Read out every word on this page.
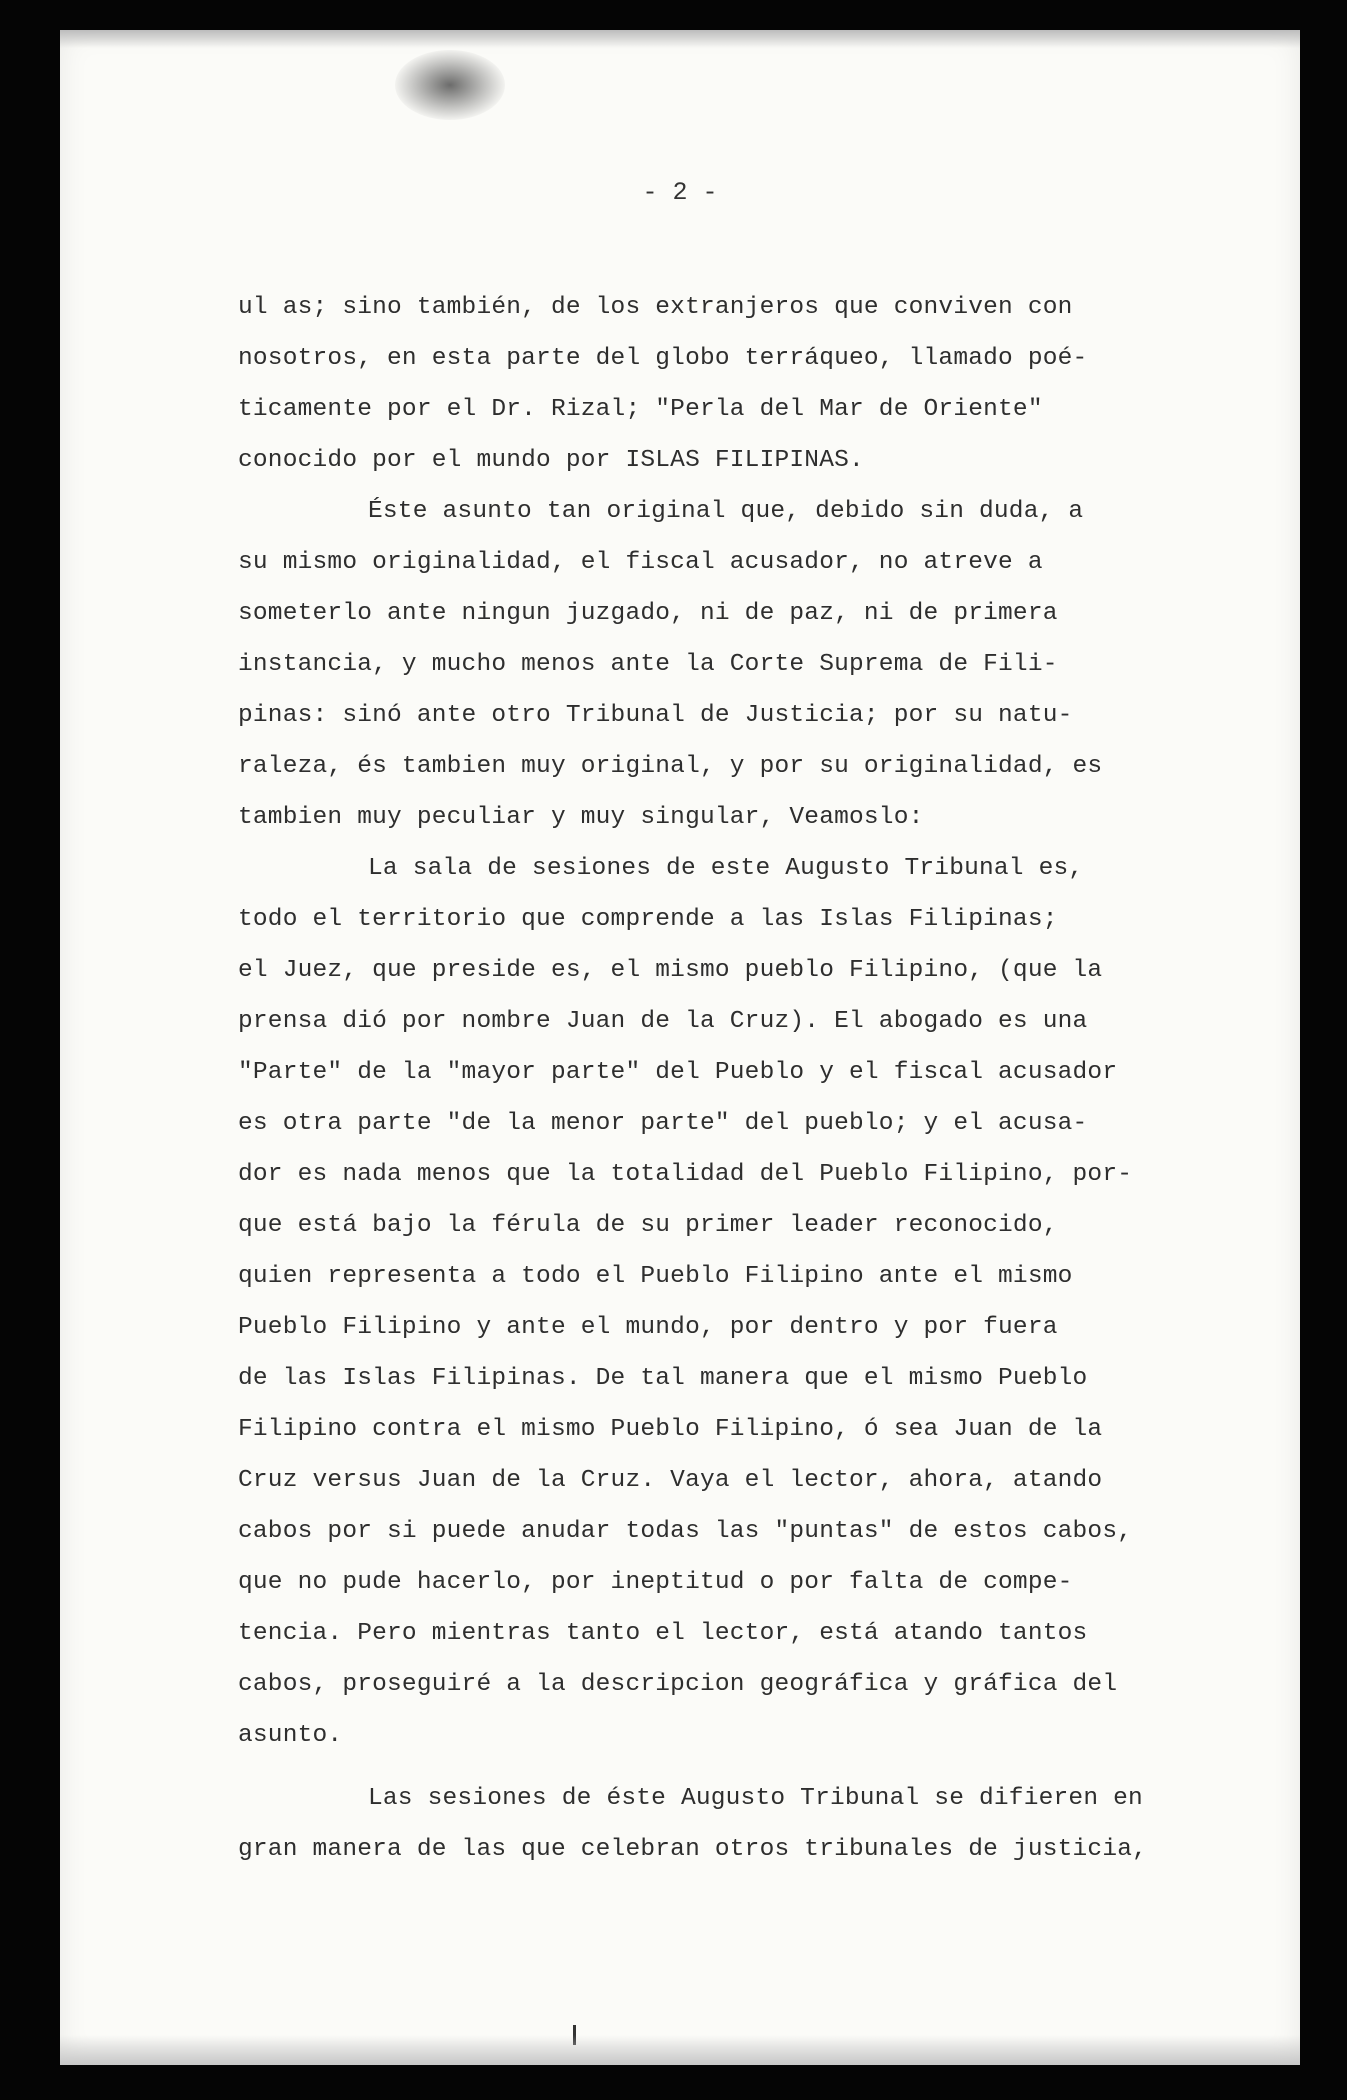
- 2 -
ul as; sino también, de los extranjeros que conviven con
nosotros, en esta parte del globo terráqueo, llamado poé-
ticamente por el Dr. Rizal; "Perla del Mar de Oriente"
conocido por el mundo por ISLAS FILIPINAS.
Éste asunto tan original que, debido sin duda, a
su mismo originalidad, el fiscal acusador, no atreve a
someterlo ante ningun juzgado, ni de paz, ni de primera
instancia, y mucho menos ante la Corte Suprema de Fili-
pinas: sinó ante otro Tribunal de Justicia; por su natu-
raleza, és tambien muy original, y por su originalidad, es
tambien muy peculiar y muy singular, Veamoslo:
La sala de sesiones de este Augusto Tribunal es,
todo el territorio que comprende a las Islas Filipinas;
el Juez, que preside es, el mismo pueblo Filipino, (que la
prensa dió por nombre Juan de la Cruz). El abogado es una
"Parte" de la "mayor parte" del Pueblo y el fiscal acusador
es otra parte "de la menor parte" del pueblo; y el acusa-
dor es nada menos que la totalidad del Pueblo Filipino, por-
que está bajo la férula de su primer leader reconocido,
quien representa a todo el Pueblo Filipino ante el mismo
Pueblo Filipino y ante el mundo, por dentro y por fuera
de las Islas Filipinas. De tal manera que el mismo Pueblo
Filipino contra el mismo Pueblo Filipino, ó sea Juan de la
Cruz versus Juan de la Cruz. Vaya el lector, ahora, atando
cabos por si puede anudar todas las "puntas" de estos cabos,
que no pude hacerlo, por ineptitud o por falta de compe-
tencia. Pero mientras tanto el lector, está atando tantos
cabos, proseguiré a la descripcion geográfica y gráfica del
asunto.
Las sesiones de éste Augusto Tribunal se difieren en
gran manera de las que celebran otros tribunales de justicia,
